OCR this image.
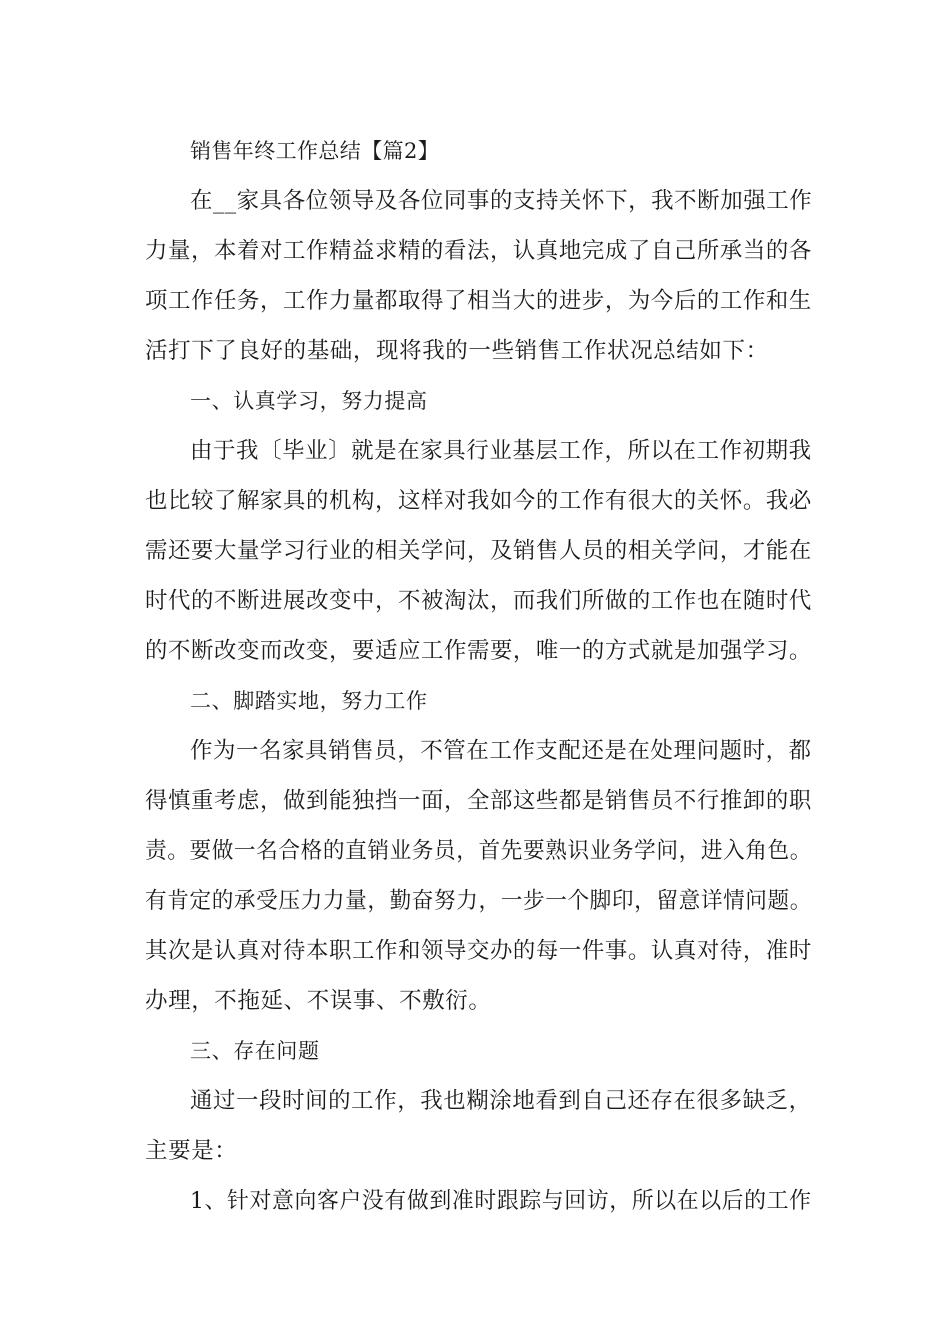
销售年终工作总结【篇2】
在__家具各位领导及各位同事的支持关怀下，我不断加强工作
力量，本着对工作精益求精的看法，认真地完成了自己所承当的各
项工作任务，工作力量都取得了相当大的进步，为今后的工作和生
活打下了良好的基础，现将我的一些销售工作状况总结如下：
一、认真学习，努力提高
由于我〔毕业〕就是在家具行业基层工作，所以在工作初期我
也比较了解家具的机构，这样对我如今的工作有很大的关怀。我必
需还要大量学习行业的相关学问，及销售人员的相关学问，才能在
时代的不断进展改变中，不被淘汰，而我们所做的工作也在随时代
的不断改变而改变，要适应工作需要，唯一的方式就是加强学习。
二、脚踏实地，努力工作
作为一名家具销售员，不管在工作支配还是在处理问题时，都
得慎重考虑，做到能独挡一面，全部这些都是销售员不行推卸的职
责。要做一名合格的直销业务员，首先要熟识业务学问，进入角色。
有肯定的承受压力力量，勤奋努力，一步一个脚印，留意详情问题。
其次是认真对待本职工作和领导交办的每一件事。认真对待，准时
办理，不拖延、不误事、不敷衍。
三、存在问题
通过一段时间的工作，我也糊涂地看到自己还存在很多缺乏，
主要是：
1、针对意向客户没有做到准时跟踪与回访，所以在以后的工作
